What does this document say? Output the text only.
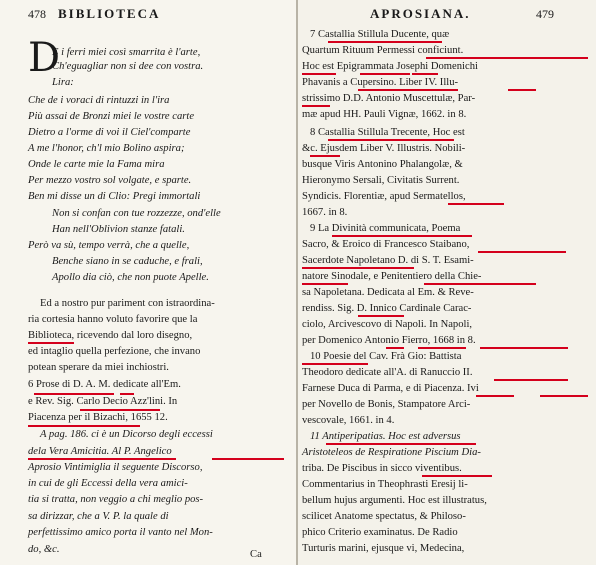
478 BIBLIOTECA
D
E i ferri miei così smarrita è l'arte,
Ch'eguagliar non si dee con vostra.
Lira:
Che de i voraci di rintuzzi in l'ira
Più assai de Bronzi miei le vostre carte
Dietro a l'orme di voi il Ciel'comparte
A me l'honor, ch'l mio Bolino aspira;
Onde le carte mie la Fama mira
Per mezzo vostro sol volgate, e sparte.
Ben mi disse un di Clio: Pregi immortali
Non si confan con tue rozzezze, ond'elle
Han nell'Oblivion stanze fatali.
Però va sù, tempo verrà, che a quelle,
Benche siano in se caduche, e frali,
Apollo dia ciò, che non puote Apelle.
Ed a nostro pur pariment con istraordina-
ria cortesia hanno voluto favorire que la
Biblioteca, ricevendo dal loro disegno,
ed intaglio quella perfezione, che invano
potean sperare da miei inchiostri.
6 Prose di D. A. M. dedicate all'Em.
e Rev. Sig. Carlo Decio Azz'lini. In
Piacenza per il Bizachi, 1655 12.
A pag. 186. ci è un Dicorso degli eccessi
dela Vera Amicitia. Al P. Angelico
Aprosio Vintimiglia il seguente Discorso,
in cui de gli Eccessi della vera amici-
tia si tratta, non veggio a chi meglio pos-
sa dirizzar, che a V. P. la quale di
perfettissimo amico porta il vanto nel Mon-
do, &c.	Ca
APROSIANA.	479
7 Castallia Stillula Ducente, quæ
Quartum Rituum Permessi conficiunt.
Hoc est Epigrammata Josephi Domenichi
Phavanis a Cupersino. Liber IV. Illu-
strissimo D.D. Antonio Muscettulæ, Par-
mæ apud HH. Pauli Vignæ, 1662. in 8.
8 Castallia Stillula Trecente, Hoc est
&c. Ejusdem Liber V. Illustris. Nobili-
busque Viris Antonino Phalangolæ, &
Hieronymo Sersali, Civitatis Surrent.
Syndicis. Florentiæ, apud Sermatellos,
1667. in 8.
9 La Divinità communicata, Poema
Sacro, & Eroico di Francesco Staibano,
Sacerdote Napoletano D. di S. T. Esami-
natore Sinodale, e Penitentiero della Chie-
sa Napoletana. Dedicata al Em. & Reve-
rendiss. Sig. D. Innico Cardinale Carac-
ciolo, Arcivescovo di Napoli. In Napoli,
per Domenico Antonio Fierro, 1668 in 8.
10 Poesie del Cav. Frà Gio: Battista
Theodoro dedicate all'A. di Ranuccio II.
Farnese Duca di Parma, e di Piacenza. Ivi
per Novello de Bonis, Stampatore Arci-
vescovale, 1661. in 4.
11 Antiperipatias. Hoc est adversus
Aristoteleos de Respiratione Piscium Dia-
triba. De Piscibus in sicco viventibus.
Commentarius in Theophrasti Eresij li-
bellum hujus argumenti. Hoc est illustratus,
scilicet Anatome spectatus, & Philoso-
phico Criterio examinatus. De Radio
Turturis marini, ejusque vi, Medecina,
